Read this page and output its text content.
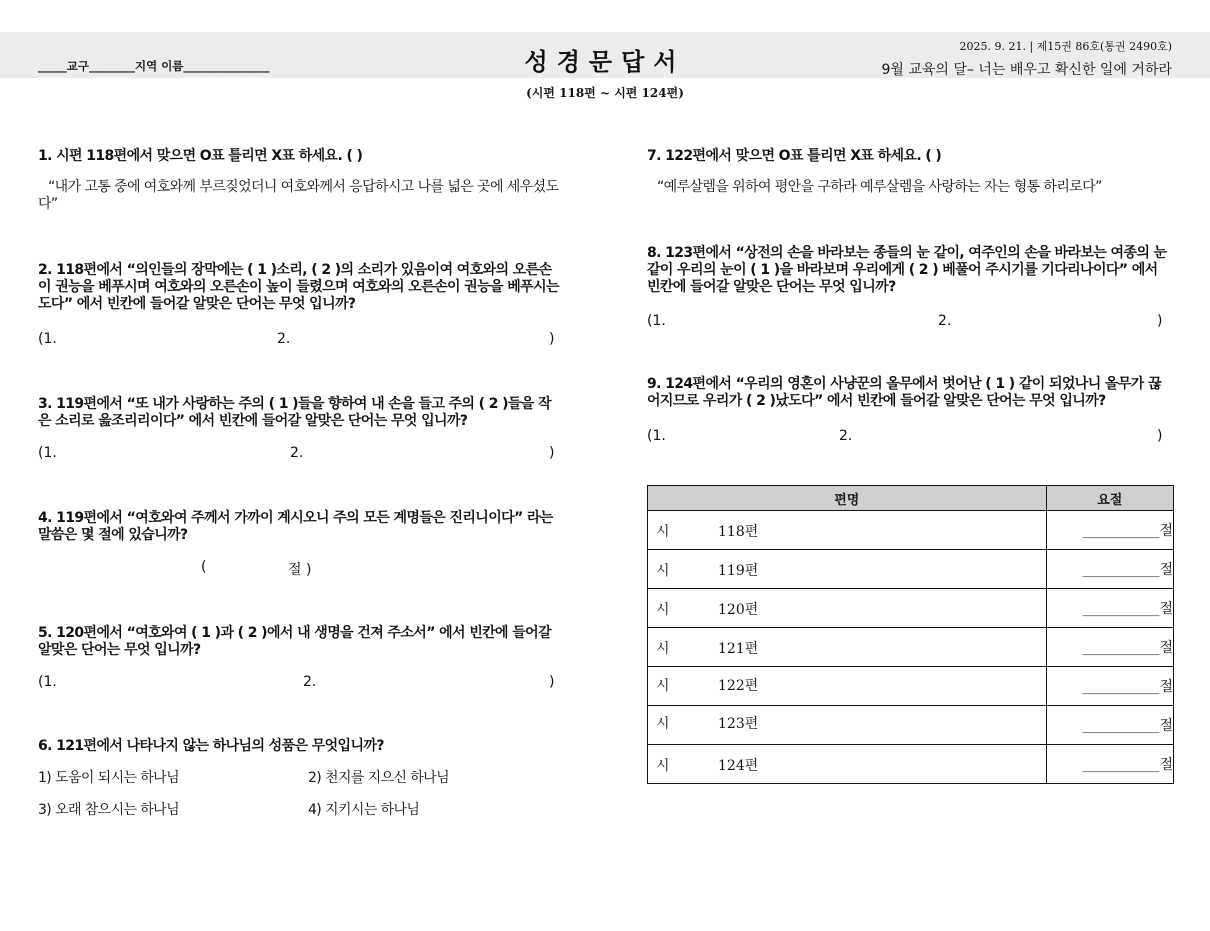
_____교구________지역 이름_______________	성경문답서
(시편 118편 ~ 시편 124편)
2025. 9. 21. | 제15권 86호(통권 2490호)
9월 교육의 달– 너는 배우고 확신한 일에 거하라
1. 시편 118편에서 맞으면 O표 틀리면 X표 하세요. ( )
“내가 고통 중에 여호와께 부르짖었더니 여호와께서 응답하시고 나를 넓은 곳에 세우셨도다”
2. 118편에서 “의인들의 장막에는 ( 1 )소리, ( 2 )의 소리가 있음이여 여호와의 오른손이 권능을 베푸시며 여호와의 오른손이 높이 들렸으며 여호와의 오른손이 권능을 베푸시는도다” 에서 빈칸에 들어갈 알맞은 단어는 무엇 입니까?
(1.	2.	)
3. 119편에서 “또 내가 사랑하는 주의 ( 1 )들을 향하여 내 손을 들고 주의 ( 2 )들을 작은 소리로 읊조리리이다” 에서 빈칸에 들어갈 알맞은 단어는 무엇 입니까?
(1.	2.	)
4. 119편에서 “여호와여 주께서 가까이 계시오니 주의 모든 계명들은 진리니이다” 라는 말씀은 몇 절에 있습니까?
(	절 )
5. 120편에서 “여호와여 ( 1 )과 ( 2 )에서 내 생명을 건져 주소서” 에서 빈칸에 들어갈 알맞은 단어는 무엇 입니까?
(1.	2.	)
6. 121편에서 나타나지 않는 하나님의 성품은 무엇입니까?
1) 도움이 되시는 하나님	2) 천지를 지으신 하나님
3) 오래 참으시는 하나님	4) 지키시는 하나님
7. 122편에서 맞으면 O표 틀리면 X표 하세요. ( )
“예루살렘을 위하여 평안을 구하라 예루살렘을 사랑하는 자는 형통 하리로다”
8. 123편에서 “상전의 손을 바라보는 종들의 눈 같이, 여주인의 손을 바라보는 여종의 눈 같이 우리의 눈이 ( 1 )을 바라보며 우리에게 ( 2 ) 베풀어 주시기를 기다리나이다” 에서 빈칸에 들어갈 알맞은 단어는 무엇 입니까?
(1.	2.	)
9. 124편에서 “우리의 영혼이 사냥꾼의 올무에서 벗어난 ( 1 ) 같이 되었나니 올무가 끊어지므로 우리가 ( 2 )났도다” 에서 빈칸에 들어갈 알맞은 단어는 무엇 입니까?
(1.	2.	)
편명	요절

시 118편	___________절

시 119편	___________절

시 120편	___________절

시 121편	___________절

시 122편	___________절

시 123편	___________절

시 124편	___________절
